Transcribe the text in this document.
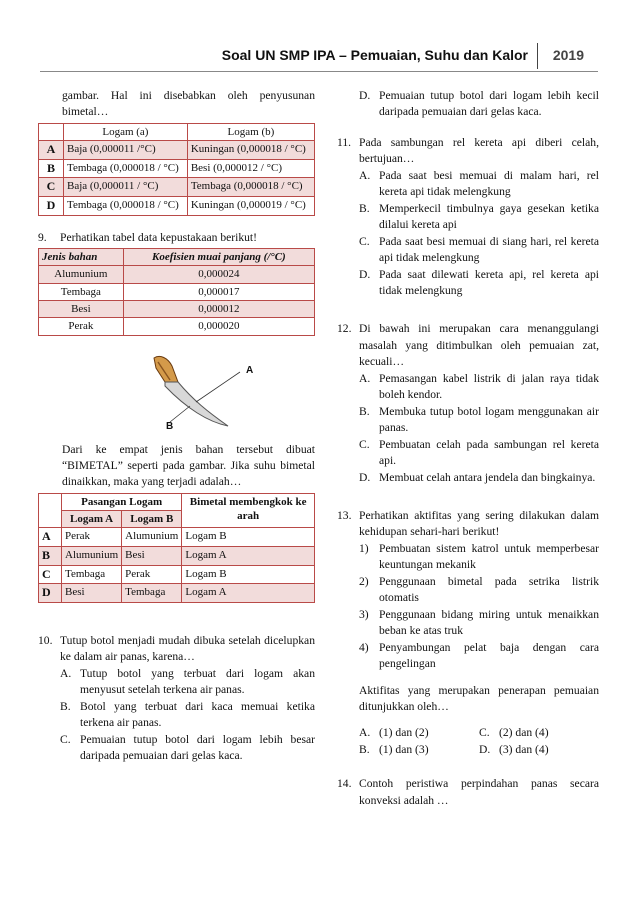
Soal UN SMP IPA – Pemuaian, Suhu dan Kalor 2019

gambar. Hal ini disebabkan oleh penyusunan bimetal…

	Logam (a)	Logam (b)
A	Baja (0,000011 /°C)	Kuningan (0,000018 / °C)
B	Tembaga (0,000018 / °C)	Besi (0,000012 / °C)
C	Baja (0,000011 / °C)	Tembaga (0,000018 / °C)
D	Tembaga (0,000018 / °C)	Kuningan (0,000019 / °C)
9.	Perhatikan tabel data kepustakaan berikut!
Jenis bahan	Koefisien muai panjang (/°C)
Alumunium	0,000024
Tembaga	0,000017
Besi	0,000012
Perak	0,000020
A
B

Dari ke empat jenis bahan tersebut dibuat “BIMETAL” seperti pada gambar. Jika suhu bimetal dinaikkan, maka yang terjadi adalah…

	Pasangan Logam		Bimetal membengkok ke arah
	Logam A	Logam B	
A	Perak	Alumunium	Logam B
B	Alumunium	Besi	Logam A
C	Tembaga	Perak	Logam B
D	Besi	Tembaga	Logam A
10. Tutup botol menjadi mudah dibuka setelah dicelupkan ke dalam air panas, karena…

A. Tutup botol yang terbuat dari logam akan menyusut setelah terkena air panas.
B. Botol yang terbuat dari kaca memuai ketika terkena air panas.
C. Pemuaian tutup botol dari logam lebih besar daripada pemuaian dari gelas kaca.
D. Pemuaian tutup botol dari logam lebih kecil daripada pemuaian dari gelas kaca.
11. Pada sambungan rel kereta api diberi celah, bertujuan…

A. Pada saat besi memuai di malam hari, rel kereta api tidak melengkung
B. Memperkecil timbulnya gaya gesekan ketika dilalui kereta api
C. Pada saat besi memuai di siang hari, rel kereta api tidak melengkung
D. Pada saat dilewati kereta api, rel kereta api tidak melengkung
12. Di bawah ini merupakan cara menanggulangi masalah yang ditimbulkan oleh pemuaian zat, kecuali…

A. Pemasangan kabel listrik di jalan raya tidak boleh kendor.
B. Membuka tutup botol logam menggunakan air panas.
C. Pembuatan celah pada sambungan rel kereta api.
D. Membuat celah antara jendela dan bingkainya.
13. Perhatikan aktifitas yang sering dilakukan dalam kehidupan sehari-hari berikut!

1) Pembuatan sistem katrol untuk memperbesar keuntungan mekanik
2) Penggunaan bimetal pada setrika listrik otomatis
3) Penggunaan bidang miring untuk menaikkan beban ke atas truk
4) Penyambungan pelat baja dengan cara pengelingan

Aktifitas yang merupakan penerapan pemuaian ditunjukkan oleh…

A. (1) dan (2)	C. (2) dan (4)
B. (1) dan (3)	D. (3) dan (4)
14. Contoh peristiwa perpindahan panas secara konveksi adalah …
